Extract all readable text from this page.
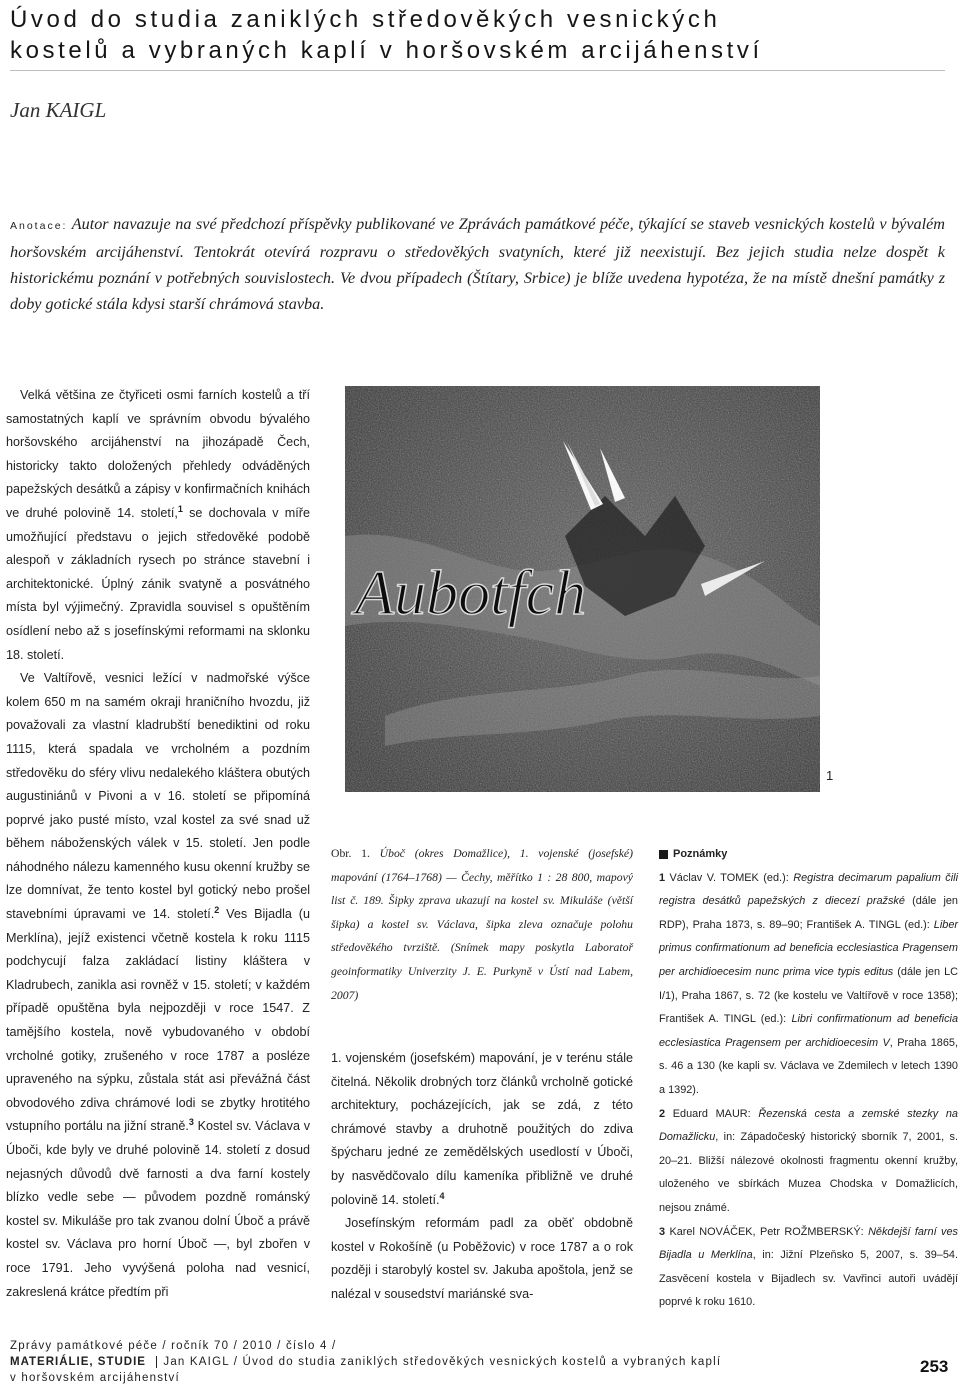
Úvod do studia zaniklých středověkých vesnických
kostelů a vybraných kaplí v horšovském arcijáhenství
Jan KAIGL
Anotace: Autor navazuje na své předchozí příspěvky publikované ve Zprávách památkové péče, týkající se staveb vesnických kostelů v bývalém horšovském arcijáhenství. Tentokrát otevírá rozpravu o středověkých svatyních, které již neexistují. Bez jejich studia nelze dospět k historickému poznání v potřebných souvislostech. Ve dvou případech (Štítary, Srbice) je blíže uvedena hypotéza, že na místě dnešní památky z doby gotické stála kdysi starší chrámová stavba.

Velká většina ze čtyřiceti osmi farních kostelů a tří samostatných kaplí ve správním obvodu bývalého horšovského arcijáhenství na jihozápadě Čech, historicky takto doložených přehledy odváděných papežských desátků a zápisy v konfirmačních knihách ve druhé polovině 14. století,$^1$ se dochovala v míře umožňující představu o jejich středověké podobě alespoň v základních rysech po stránce stavební i architektonické. Úplný zánik svatyně a posvátného místa byl výjimečný. Zpravidla souvisel s opuštěním osídlení nebo až s josefínskými reformami na sklonku 18. století.

Ve Valtířově, vesnici ležící v nadmořské výšce kolem 650 m na samém okraji hraničního hvozdu, již považovali za vlastní kladrubští benediktini od roku 1115, která spadala ve vrcholném a pozdním středověku do sféry vlivu nedalekého kláštera obutých augustiniánů v Pivoni a v 16. století se připomíná poprvé jako pusté místo, vzal kostel za své snad už během náboženských válek v 15. století. Jen podle náhodného nálezu kamenného kusu okenní kružby se lze domnívat, že tento kostel byl gotický nebo prošel stavebními úpravami ve 14. století.$^2$ Ves Bijadla (u Merklína), jejíž existenci včetně kostela k roku 1115 podchycují falza zakládací listiny kláštera v Kladrubech, zanikla asi rovněž v 15. století; v každém případě opuštěna byla nejpozději v roce 1547. Z tamějšího kostela, nově vybudovaného v období vrcholné gotiky, zrušeného v roce 1787 a posléze upraveného na sýpku, zůstala stát asi převážná část obvodového zdiva chrámové lodi se zbytky hrotitého vstupního portálu na jižní straně.$^3$ Kostel sv. Václava v Úboči, kde byly ve druhé polovině 14. století z dosud nejasných důvodů dvě farnosti a dva farní kostely blízko vedle sebe — původem pozdně románský kostel sv. Mikuláše pro tak zvanou dolní Úboč a právě kostel sv. Václava pro horní Úboč —, byl zbořen v roce 1791. Jeho vyvýšená poloha nad vesnicí, zakreslená krátce předtím při

Aubotfch
1
Obr. 1. Úboč (okres Domažlice), 1. vojenské (josefské) mapování (1764–1768) — Čechy, měřítko 1 : 28 800, mapový list č. 189. Šipky zprava ukazují na kostel sv. Mikuláše (větší šipka) a kostel sv. Václava, šipka zleva označuje polohu středověkého tvrziště. (Snímek mapy poskytla Laboratoř geoinformatiky Univerzity J. E. Purkyně v Ústí nad Labem, 2007)

1. vojenském (josefském) mapování, je v terénu stále čitelná. Několik drobných torz článků vrcholně gotické architektury, pocházejících, jak se zdá, z této chrámové stavby a druhotně použitých do zdiva špýcharu jedné ze zemědělských usedlostí v Úboči, by nasvědčovalo dílu kameníka přibližně ve druhé polovině 14. století.$^4$

Josefínským reformám padl za oběť obdobně kostel v Rokošíně (u Poběžovic) v roce 1787 a o rok později i starobylý kostel sv. Jakuba apoštola, jenž se nalézal v sousedství mariánské sva-

Poznámky
1 Václav V. TOMEK (ed.): Registra decimarum papalium čili registra desátků papežských z diecezí pražské (dále jen RDP), Praha 1873, s. 89–90; František A. TINGL (ed.): Liber primus confirmationum ad beneficia ecclesiastica Pragensem per archidioecesim nunc prima vice typis editus (dále jen LC I/1), Praha 1867, s. 72 (ke kostelu ve Valtířově v roce 1358); František A. TINGL (ed.): Libri confirmationum ad beneficia ecclesiastica Pragensem per archidioecesim V, Praha 1865, s. 46 a 130 (ke kapli sv. Václava ve Zdemilech v letech 1390 a 1392).
2 Eduard MAUR: Řezenská cesta a zemské stezky na Domažlicku, in: Západočeský historický sborník 7, 2001, s. 20–21. Bližší nálezové okolnosti fragmentu okenní kružby, uloženého ve sbírkách Muzea Chodska v Domažlicích, nejsou známé.
3 Karel NOVÁČEK, Petr ROŽMBERSKÝ: Někdejší farní ves Bijadla u Merklína, in: Jižní Plzeňsko 5, 2007, s. 39–54. Zasvěcení kostela v Bijadlech sv. Vavřinci autoři uvádějí poprvé k roku 1610.
Zprávy památkové péče / ročník 70 / 2010 / číslo 4 /
MATERIÁLIE, STUDIE Jan KAIGL / Úvod do studia zaniklých středověkých vesnických kostelů a vybraných kaplí
v horšovském arcijáhenství
253
